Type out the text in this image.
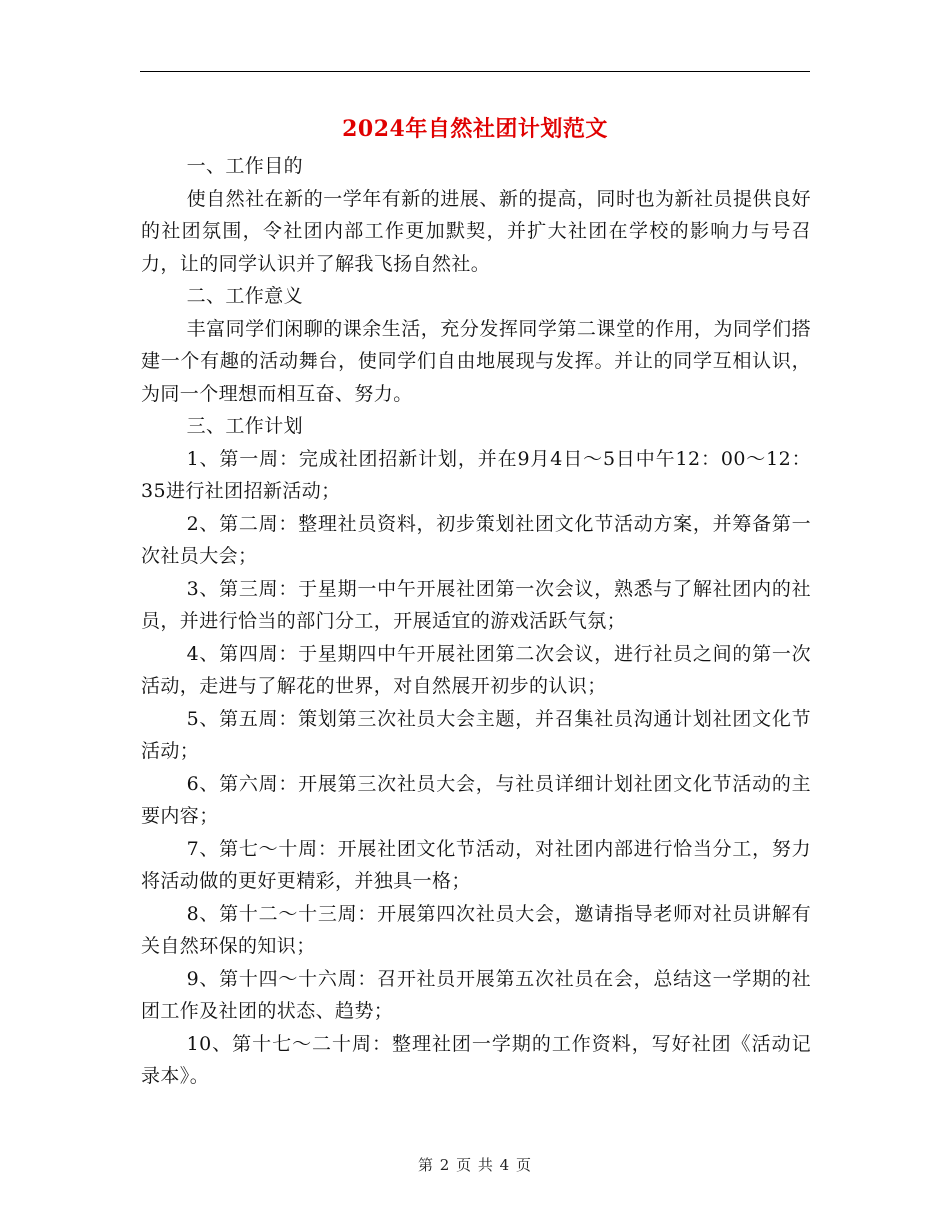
2024年自然社团计划范文

一、工作目的

使自然社在新的一学年有新的进展、新的提高，同时也为新社员提供良好的社团氛围，令社团内部工作更加默契，并扩大社团在学校的影响力与号召力，让的同学认识并了解我飞扬自然社。

二、工作意义

丰富同学们闲聊的课余生活，充分发挥同学第二课堂的作用，为同学们搭建一个有趣的活动舞台，使同学们自由地展现与发挥。并让的同学互相认识，为同一个理想而相互奋、努力。

三、工作计划

1、第一周：完成社团招新计划，并在9月4日～5日中午12：00～12：35进行社团招新活动；

2、第二周：整理社员资料，初步策划社团文化节活动方案，并筹备第一次社员大会；

3、第三周：于星期一中午开展社团第一次会议，熟悉与了解社团内的社员，并进行恰当的部门分工，开展适宜的游戏活跃气氛；

4、第四周：于星期四中午开展社团第二次会议，进行社员之间的第一次活动，走进与了解花的世界，对自然展开初步的认识；

5、第五周：策划第三次社员大会主题，并召集社员沟通计划社团文化节活动；

6、第六周：开展第三次社员大会，与社员详细计划社团文化节活动的主要内容；

7、第七～十周：开展社团文化节活动，对社团内部进行恰当分工，努力将活动做的更好更精彩，并独具一格；

8、第十二～十三周：开展第四次社员大会，邀请指导老师对社员讲解有关自然环保的知识；

9、第十四～十六周：召开社员开展第五次社员在会，总结这一学期的社团工作及社团的状态、趋势；

10、第十七～二十周：整理社团一学期的工作资料，写好社团《活动记录本》。

第 2 页 共 4 页
